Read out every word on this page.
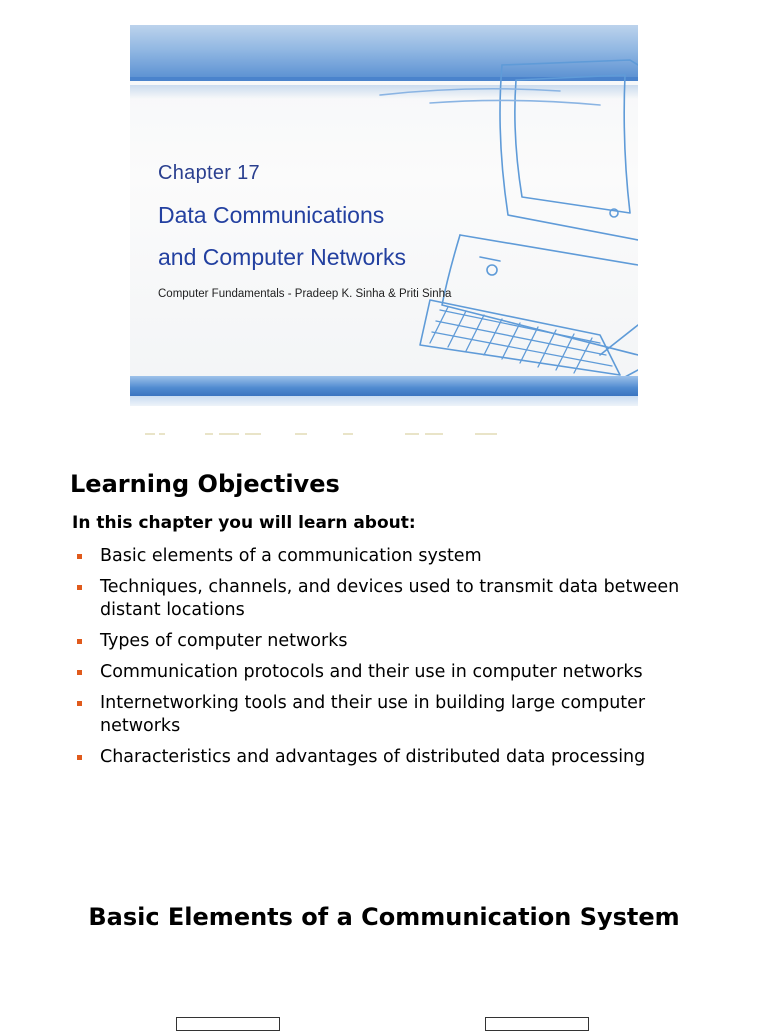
Chapter 17
Data Communications
and Computer Networks
Computer Fundamentals - Pradeep K. Sinha & Priti Sinha
Learning Objectives
In this chapter you will learn about:
Basic elements of a communication system
Techniques, channels, and devices used to transmit data between distant locations
Types of computer networks
Communication protocols and their use in computer networks
Internetworking tools and their use in building large computer networks
Characteristics and advantages of distributed data processing
Basic Elements of a Communication System
